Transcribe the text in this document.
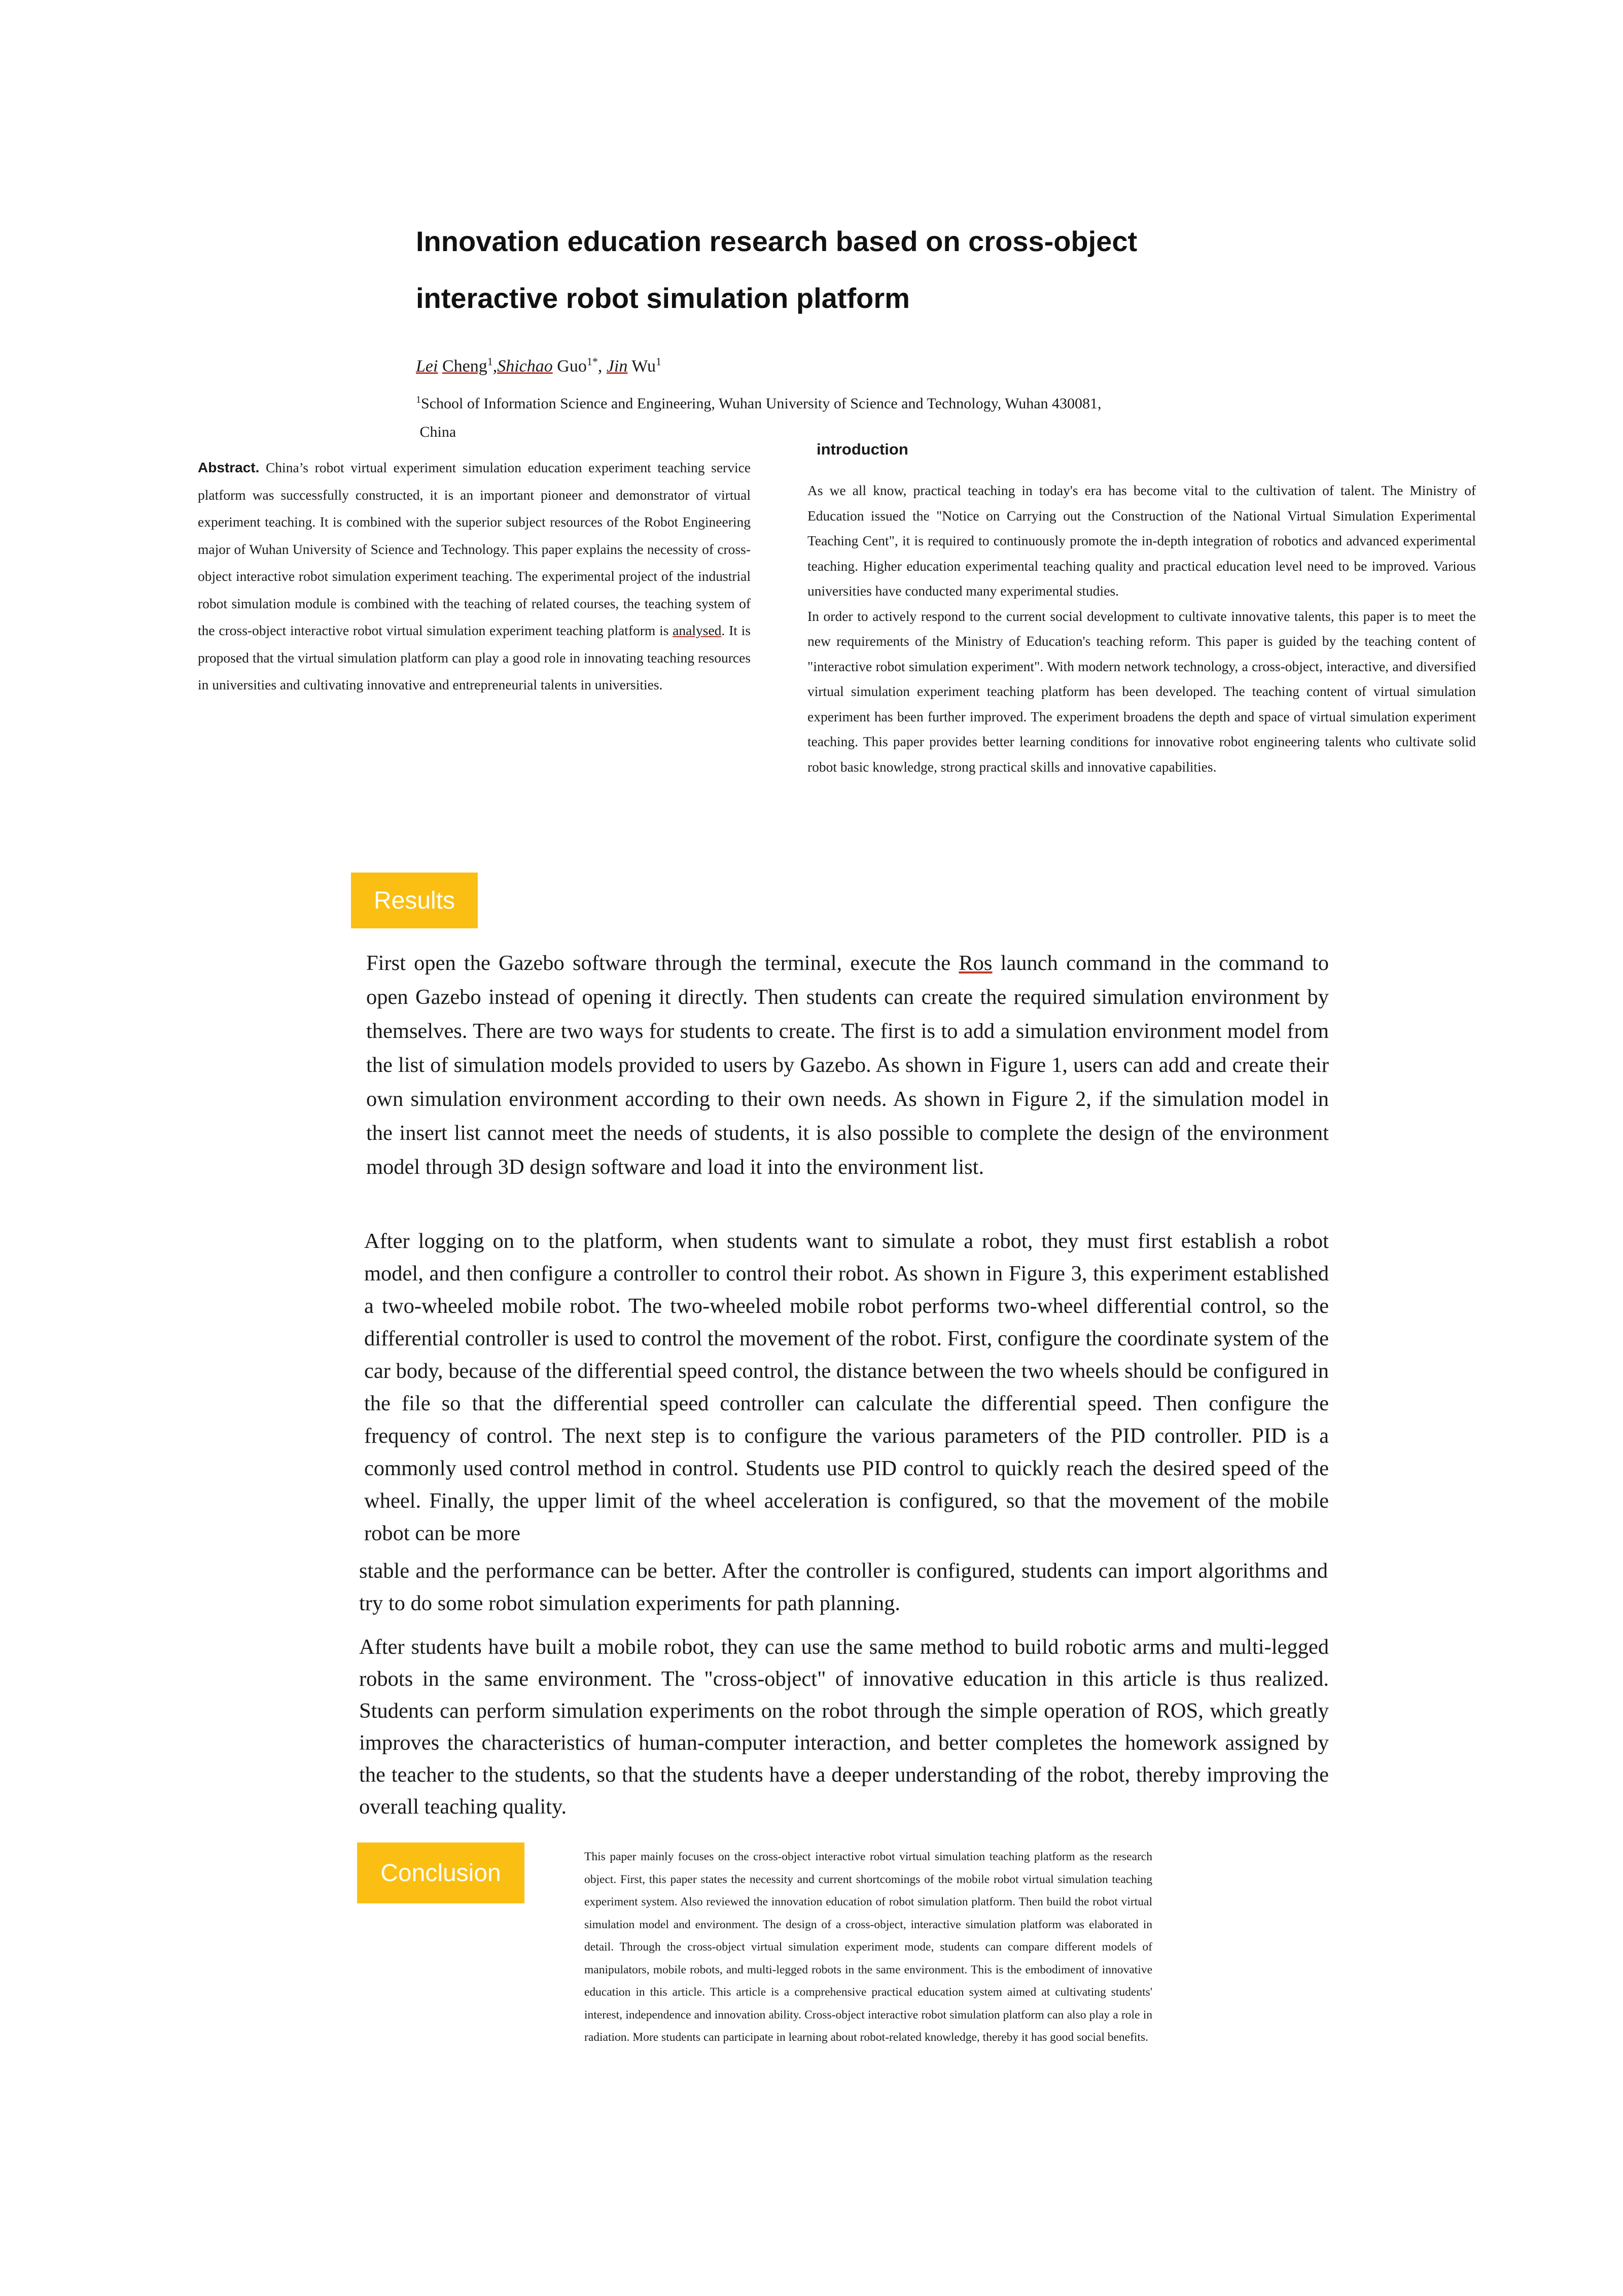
Innovation education research based on cross-object
interactive robot simulation platform
Lei Cheng$^1$,Shichao Guo$^{1*}$, Jin Wu$^1$
$^1$School of Information Science and Engineering, Wuhan University of Science and Technology, Wuhan 430081,
China
Abstract. China’s robot virtual experiment simulation education experiment teaching service platform was successfully constructed, it is an important pioneer and demonstrator of virtual experiment teaching. It is combined with the superior subject resources of the Robot Engineering major of Wuhan University of Science and Technology. This paper explains the necessity of cross-object interactive robot simulation experiment teaching. The experimental project of the industrial robot simulation module is combined with the teaching of related courses, the teaching system of the cross-object interactive robot virtual simulation experiment teaching platform is analysed. It is proposed that the virtual simulation platform can play a good role in innovating teaching resources in universities and cultivating innovative and entrepreneurial talents in universities.
introduction

As we all know, practical teaching in today's era has become vital to the cultivation of talent. The Ministry of Education issued the "Notice on Carrying out the Construction of the National Virtual Simulation Experimental Teaching Cent", it is required to continuously promote the in-depth integration of robotics and advanced experimental teaching. Higher education experimental teaching quality and practical education level need to be improved. Various universities have conducted many experimental studies.

In order to actively respond to the current social development to cultivate innovative talents, this paper is to meet the new requirements of the Ministry of Education's teaching reform. This paper is guided by the teaching content of "interactive robot simulation experiment". With modern network technology, a cross-object, interactive, and diversified virtual simulation experiment teaching platform has been developed. The teaching content of virtual simulation experiment has been further improved. The experiment broadens the depth and space of virtual simulation experiment teaching. This paper provides better learning conditions for innovative robot engineering talents who cultivate solid robot basic knowledge, strong practical skills and innovative capabilities.

Results
First open the Gazebo software through the terminal, execute the Ros launch command in the command to open Gazebo instead of opening it directly. Then students can create the required simulation environment by themselves. There are two ways for students to create. The first is to add a simulation environment model from the list of simulation models provided to users by Gazebo. As shown in Figure 1, users can add and create their own simulation environment according to their own needs. As shown in Figure 2, if the simulation model in the insert list cannot meet the needs of students, it is also possible to complete the design of the environment model through 3D design software and load it into the environment list.
After logging on to the platform, when students want to simulate a robot, they must first establish a robot model, and then configure a controller to control their robot. As shown in Figure 3, this experiment established a two-wheeled mobile robot. The two-wheeled mobile robot performs two-wheel differential control, so the differential controller is used to control the movement of the robot. First, configure the coordinate system of the car body, because of the differential speed control, the distance between the two wheels should be configured in the file so that the differential speed controller can calculate the differential speed. Then configure the frequency of control. The next step is to configure the various parameters of the PID controller. PID is a commonly used control method in control. Students use PID control to quickly reach the desired speed of the wheel. Finally, the upper limit of the wheel acceleration is configured, so that the movement of the mobile robot can be more
stable and the performance can be better. After the controller is configured, students can import algorithms and try to do some robot simulation experiments for path planning.
After students have built a mobile robot, they can use the same method to build robotic arms and multi-legged robots in the same environment. The "cross-object" of innovative education in this article is thus realized. Students can perform simulation experiments on the robot through the simple operation of ROS, which greatly improves the characteristics of human-computer interaction, and better completes the homework assigned by the teacher to the students, so that the students have a deeper understanding of the robot, thereby improving the overall teaching quality.
Conclusion
This paper mainly focuses on the cross-object interactive robot virtual simulation teaching platform as the research object. First, this paper states the necessity and current shortcomings of the mobile robot virtual simulation teaching experiment system. Also reviewed the innovation education of robot simulation platform. Then build the robot virtual simulation model and environment. The design of a cross-object, interactive simulation platform was elaborated in detail. Through the cross-object virtual simulation experiment mode, students can compare different models of manipulators, mobile robots, and multi-legged robots in the same environment. This is the embodiment of innovative education in this article. This article is a comprehensive practical education system aimed at cultivating students' interest, independence and innovation ability. Cross-object interactive robot simulation platform can also play a role in radiation. More students can participate in learning about robot-related knowledge, thereby it has good social benefits.
